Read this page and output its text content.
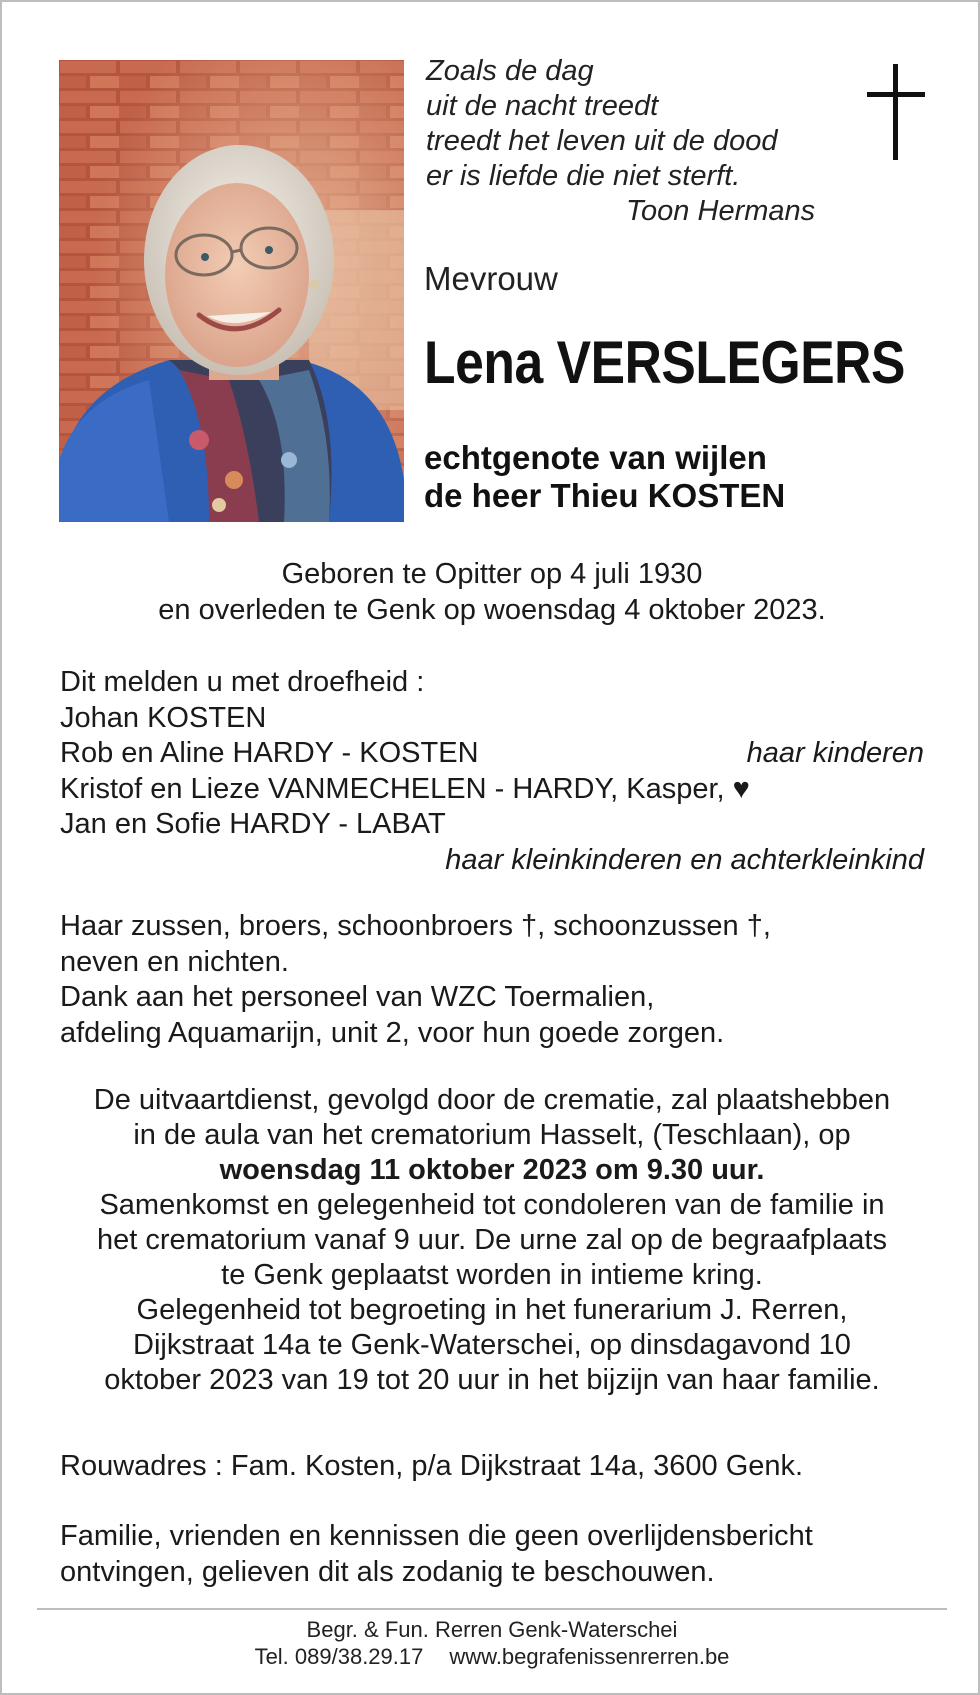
Zoals de dag
uit de nacht treedt
treedt het leven uit de dood
er is liefde die niet sterft.
Toon Hermans
Mevrouw
Lena VERSLEGERS
echtgenote van wijlen
de heer Thieu KOSTEN
Geboren te Opitter op 4 juli 1930
en overleden te Genk op woensdag 4 oktober 2023.
Dit melden u met droefheid :
Johan KOSTEN
Rob en Aline HARDY - KOSTEN	haar kinderen
Kristof en Lieze VANMECHELEN - HARDY, Kasper, ♥
Jan en Sofie HARDY - LABAT
haar kleinkinderen en achterkleinkind
Haar zussen, broers, schoonbroers †, schoonzussen †,
neven en nichten.
Dank aan het personeel van WZC Toermalien,
afdeling Aquamarijn, unit 2, voor hun goede zorgen.
De uitvaartdienst, gevolgd door de crematie, zal plaatshebben
in de aula van het crematorium Hasselt, (Teschlaan), op
woensdag 11 oktober 2023 om 9.30 uur.
Samenkomst en gelegenheid tot condoleren van de familie in
het crematorium vanaf 9 uur. De urne zal op de begraafplaats
te Genk geplaatst worden in intieme kring.
Gelegenheid tot begroeting in het funerarium J. Rerren,
Dijkstraat 14a te Genk-Waterschei, op dinsdagavond 10
oktober 2023 van 19 tot 20 uur in het bijzijn van haar familie.
Rouwadres : Fam. Kosten, p/a Dijkstraat 14a, 3600 Genk.
Familie, vrienden en kennissen die geen overlijdensbericht
ontvingen, gelieven dit als zodanig te beschouwen.
Begr. & Fun. Rerren Genk-Waterschei
Tel. 089/38.29.17 www.begrafenissenrerren.be
